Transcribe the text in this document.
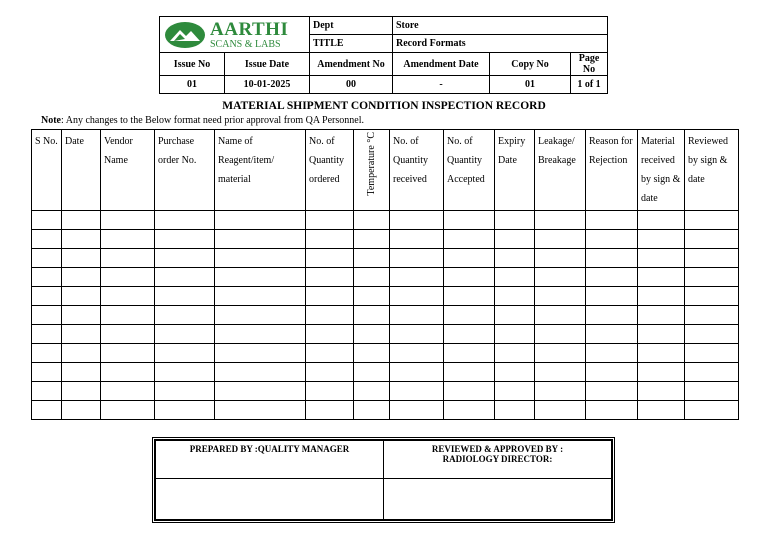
AARTHI
SCANS & LABS		Dept	Store		
		TITLE	Record Formats		
Issue No	Issue Date	Amendment No	Amendment Date	Copy No	Page No
01	10-01-2025	00	-	01	1 of 1
MATERIAL SHIPMENT CONDITION INSPECTION RECORD
Note: Any changes to the Below format need prior approval from QA Personnel.
S No.	Date	Vendor Name	Purchase order No.	Name of Reagent/item/ material	No. of Quantity ordered	Temperature °C	No. of Quantity received	No. of Quantity Accepted	Expiry Date	Leakage/ Breakage	Reason for Rejection	Material received by sign & date	Reviewed by sign & date

PREPARED BY :QUALITY MANAGER	REVIEWED & APPROVED BY :
RADIOLOGY DIRECTOR:
